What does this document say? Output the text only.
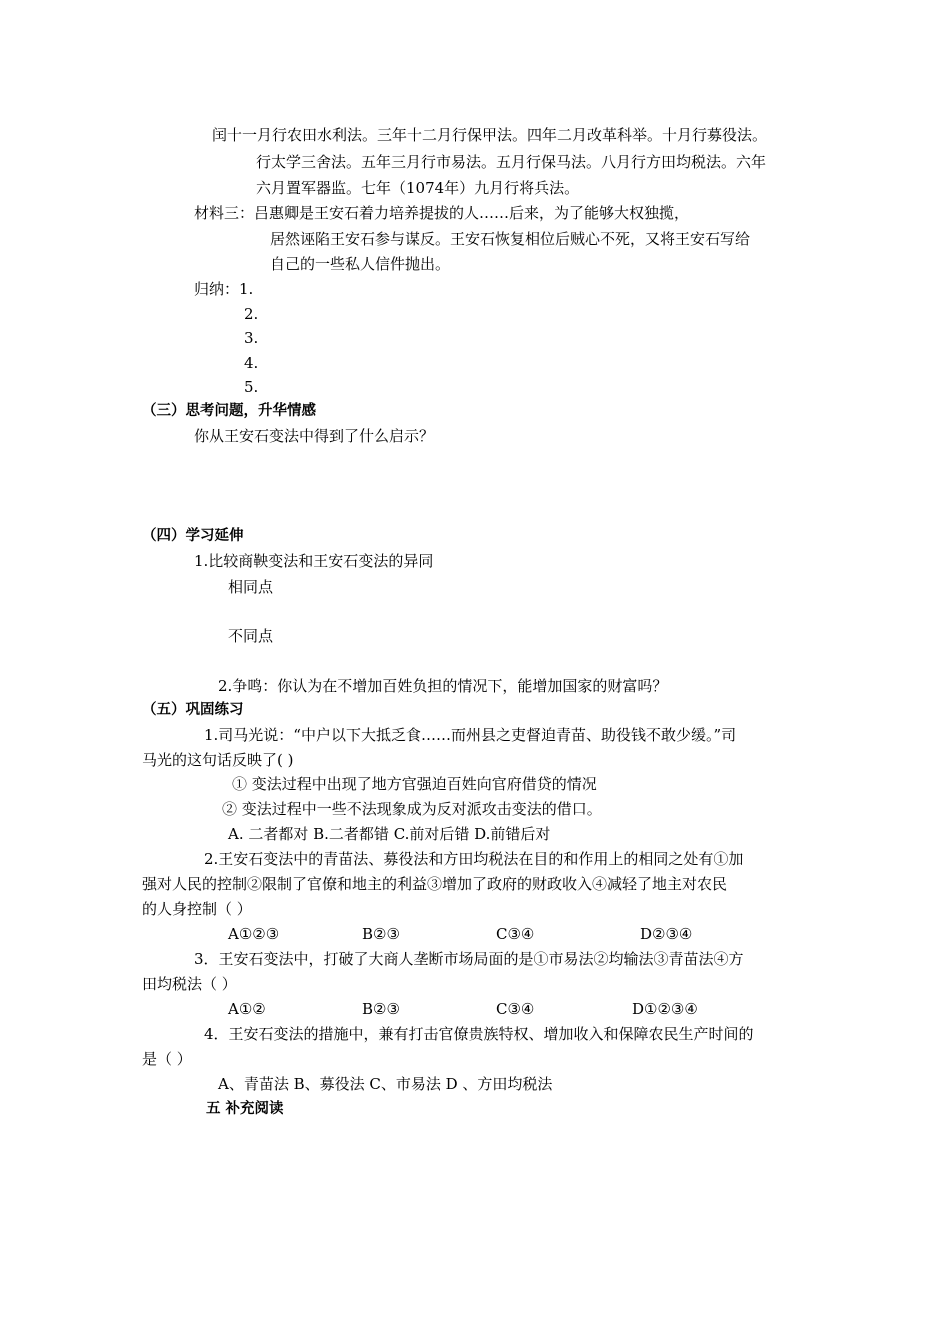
闰十一月行农田水利法。三年十二月行保甲法。四年二月改革科举。十月行募役法。
行太学三舍法。五年三月行市易法。五月行保马法。八月行方田均税法。六年
六月置军器监。七年（1074年）九月行将兵法。
材料三：吕惠卿是王安石着力培养提拔的人……后来，为了能够大权独揽，
居然诬陷王安石参与谋反。王安石恢复相位后贼心不死，又将王安石写给
自己的一些私人信件抛出。
归纳：1.
2.
3.
4.
5.
（三）思考问题，升华情感
你从王安石变法中得到了什么启示？
（四）学习延伸
1.比较商鞅变法和王安石变法的异同
相同点
不同点
2.争鸣：你认为在不增加百姓负担的情况下，能增加国家的财富吗？
（五）巩固练习
1.司马光说：“中户以下大抵乏食……而州县之吏督迫青苗、助役钱不敢少缓。”司
马光的这句话反映了( )
① 变法过程中出现了地方官强迫百姓向官府借贷的情况
② 变法过程中一些不法现象成为反对派攻击变法的借口。
A. 二者都对 B.二者都错 C.前对后错 D.前错后对
2.王安石变法中的青苗法、募役法和方田均税法在目的和作用上的相同之处有①加
强对人民的控制②限制了官僚和地主的利益③增加了政府的财政收入④减轻了地主对农民
的人身控制（ ）
A①②③	B②③	C③④	D②③④
3．王安石变法中，打破了大商人垄断市场局面的是①市易法②均输法③青苗法④方
田均税法（ ）
A①②	B②③	C③④	D①②③④
4．王安石变法的措施中，兼有打击官僚贵族特权、增加收入和保障农民生产时间的
是（ ）
A、青苗法 B、募役法 C、市易法 D 、方田均税法
五 补充阅读
